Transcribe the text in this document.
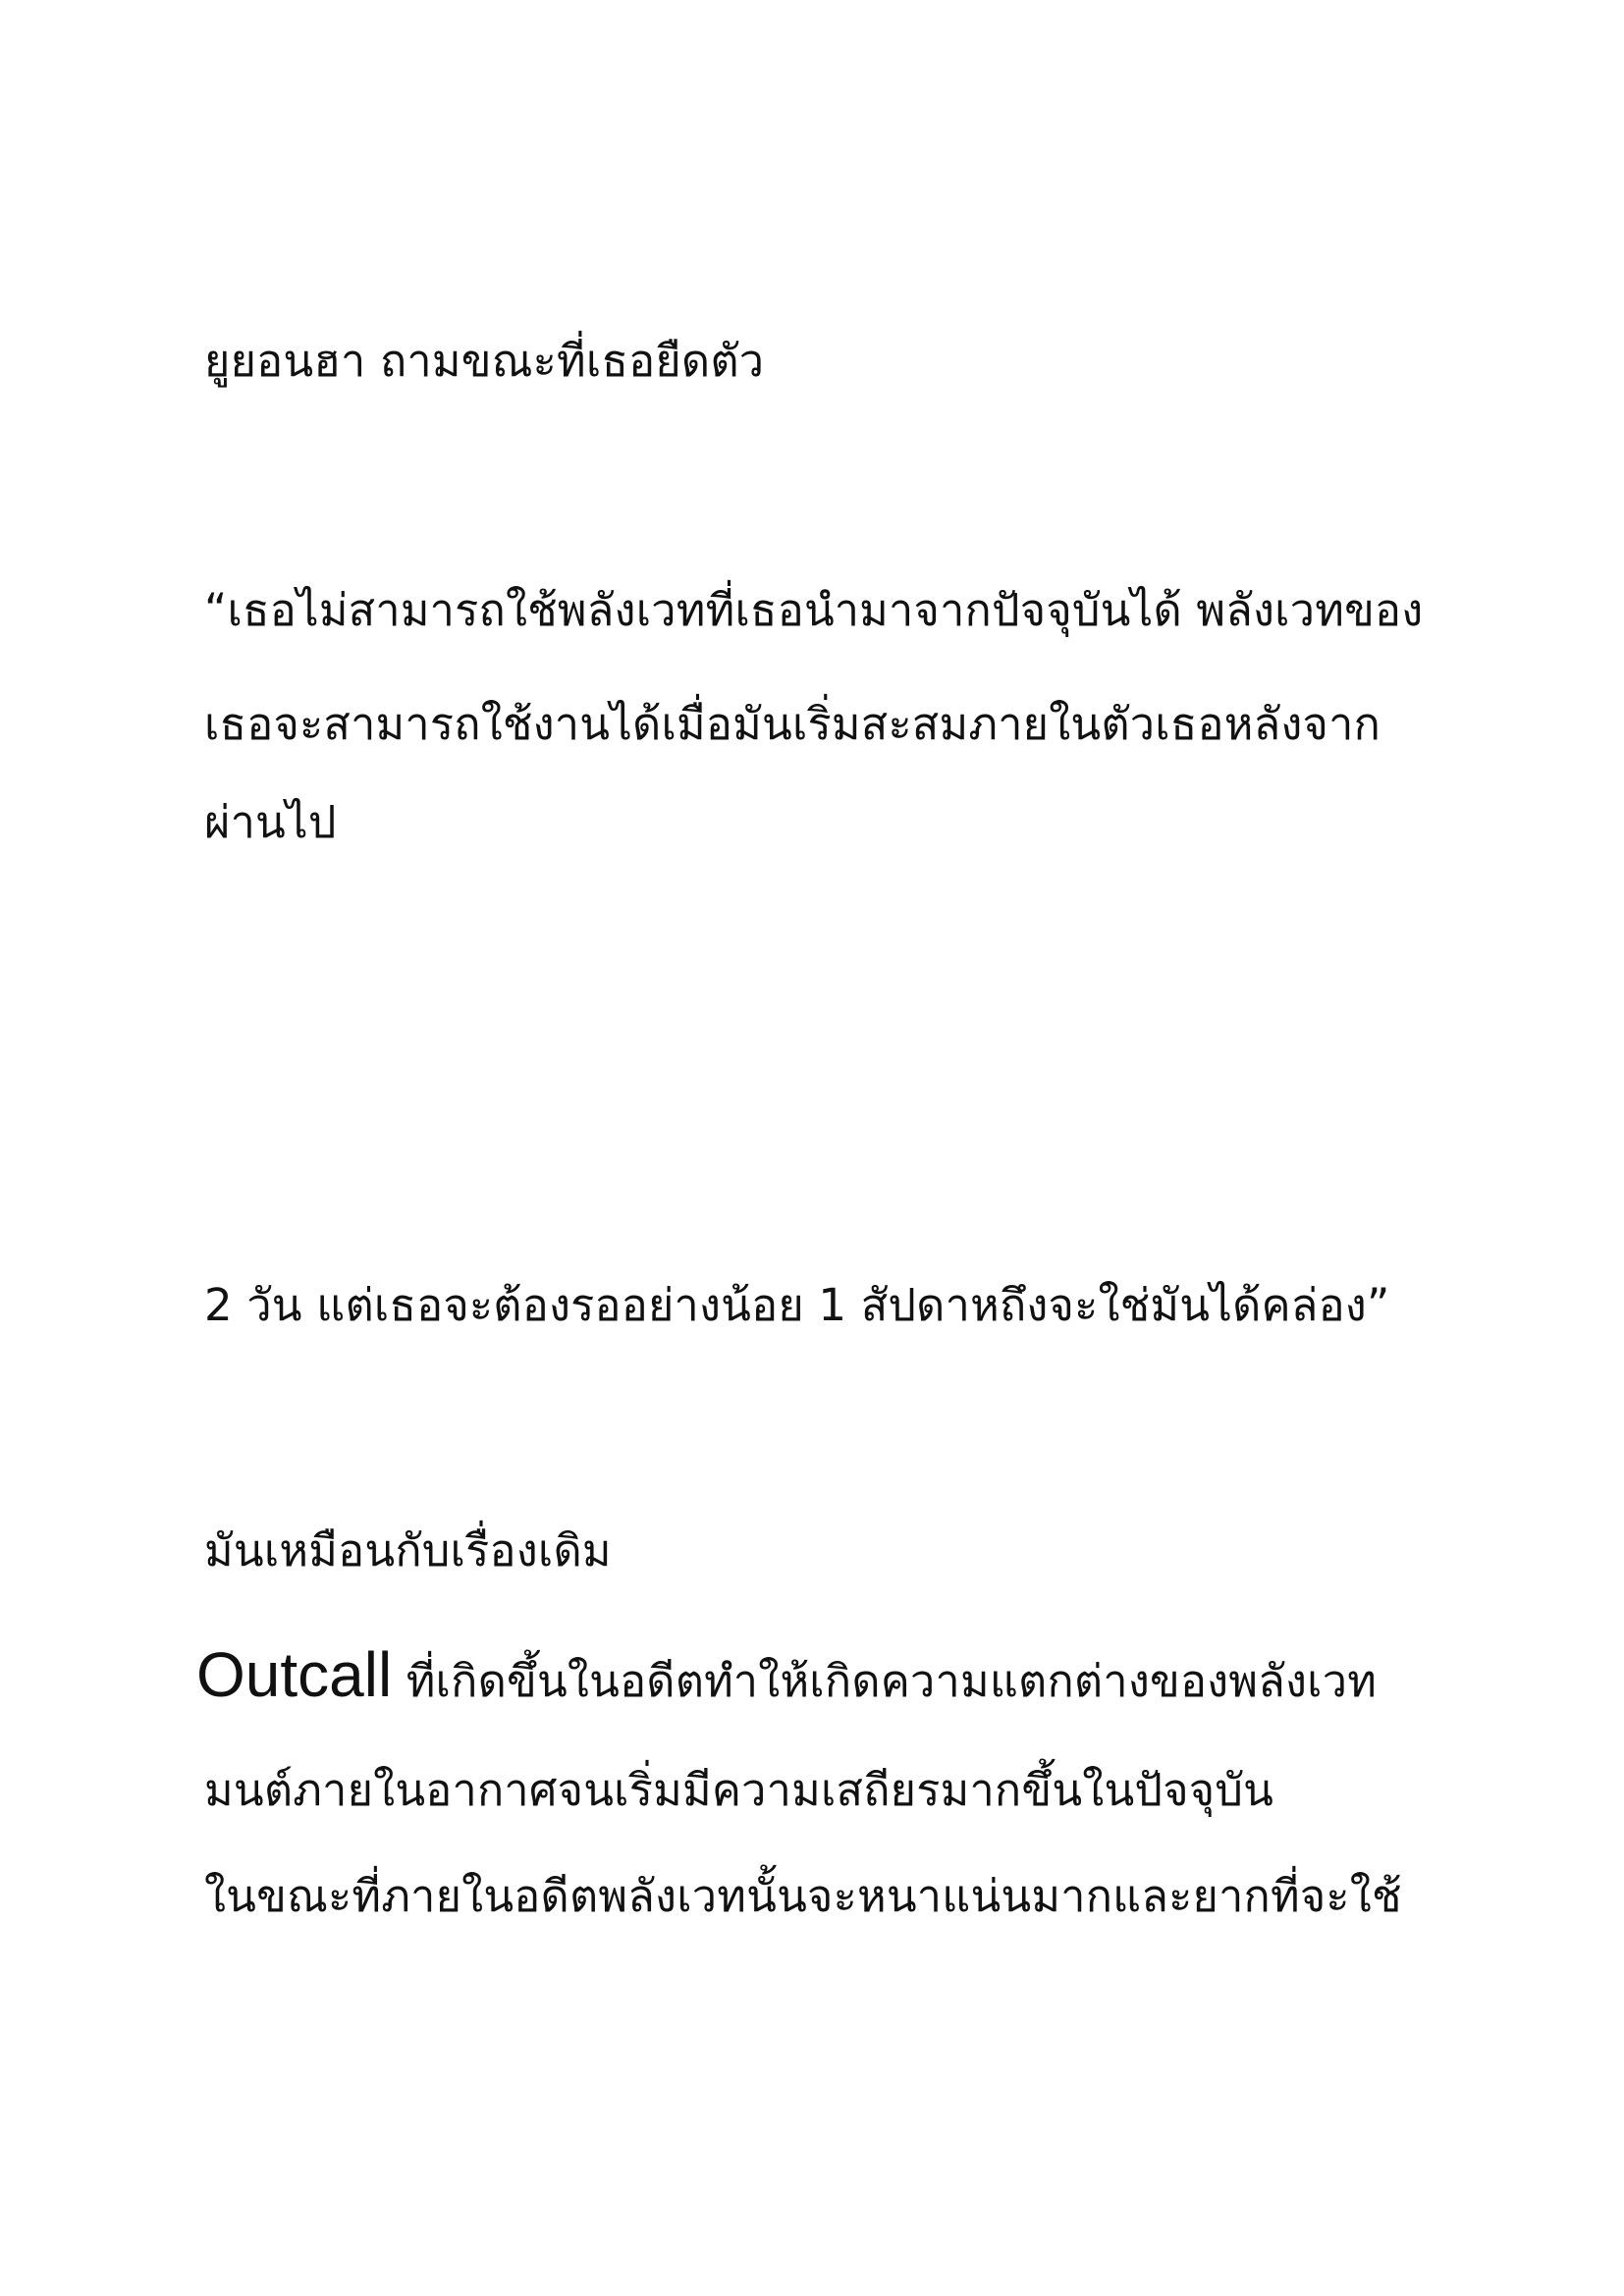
ยูยอนฮา ถามขณะที่เธอยืดตัว
“เธอไม่สามารถใช้พลังเวทที่เธอนำมาจากปัจจุบันได้ พลังเวทของ
เธอจะสามารถใช้งานได้เมื่อมันเริ่มสะสมภายในตัวเธอหลังจาก
ผ่านไป
2 วัน แต่เธอจะต้องรออย่างน้อย 1 สัปดาหถึงจะใช่มันได้คล่อง”
มันเหมือนกับเรื่องเดิม
Outcall ที่เกิดขึ้นในอดีตทำให้เกิดความแตกต่างของพลังเวท
มนต์ภายในอากาศจนเริ่มมีความเสถียรมากขึ้นในปัจจุบัน
ในขณะที่ภายในอดีตพลังเวทนั้นจะหนาแน่นมากและยากที่จะใช้
